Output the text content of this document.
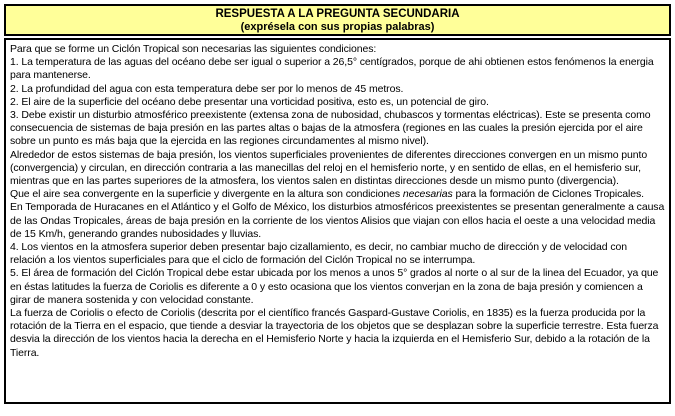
RESPUESTA A LA PREGUNTA SECUNDARIA
(exprésela con sus propias palabras)
Para que se forme un Ciclón Tropical son necesarias las siguientes condiciones:
1. La temperatura de las aguas del océano debe ser igual o superior a 26,5° centígrados, porque de ahi obtienen estos fenómenos la energia para mantenerse.
2. La profundidad del agua con esta temperatura debe ser por lo menos de 45 metros.
2. El aire de la superficie del océano debe presentar una vorticidad positiva, esto es, un potencial de giro.
3. Debe existir un disturbio atmosférico preexistente (extensa zona de nubosidad, chubascos y tormentas eléctricas). Este se presenta como consecuencia de sistemas de baja presión en las partes altas o bajas de la atmosfera (regiones en las cuales la presión ejercida por el aire sobre un punto es más baja que la ejercida en las regiones circundamentes al mismo nivel).
Alrededor de estos sistemas de baja presión, los vientos superficiales provenientes de diferentes direcciones convergen en un mismo punto (convergencia) y circulan, en dirección contraria a las manecillas del reloj en el hemisferio norte, y en sentido de ellas, en el hemisferio sur, mientras que en las partes superiores de la atmosfera, los vientos salen en distintas direcciones desde un mismo punto (divergencia).
Que el aire sea convergente en la superficie y divergente en la altura son condiciones necesarias para la formación de Ciclones Tropicales.
En Temporada de Huracanes en el Atlántico y el Golfo de México, los disturbios atmosféricos preexistentes se presentan generalmente a causa de las Ondas Tropicales, áreas de baja presión en la corriente de los vientos Alisios que viajan con ellos hacia el oeste a una velocidad media de 15 Km/h, generando grandes nubosidades y lluvias.
4. Los vientos en la atmosfera superior deben presentar bajo cizallamiento, es decir, no cambiar mucho de dirección y de velocidad con relación a los vientos superficiales para que el ciclo de formación del Ciclón Tropical no se interrumpa.
5. El área de formación del Ciclón Tropical debe estar ubicada por los menos a unos 5° grados al norte o al sur de la linea del Ecuador, ya que en éstas latitudes la fuerza de Coriolis es diferente a 0 y esto ocasiona que los vientos converjan en la zona de baja presión y comiencen a girar de manera sostenida y con velocidad constante.
La fuerza de Coriolis o efecto de Coriolis (descrita por el científico francés Gaspard-Gustave Coriolis, en 1835) es la fuerza producida por la rotación de la Tierra en el espacio, que tiende a desviar la trayectoria de los objetos que se desplazan sobre la superficie terrestre. Esta fuerza desvia la dirección de los vientos hacia la derecha en el Hemisferio Norte y hacia la izquierda en el Hemisferio Sur, debido a la rotación de la Tierra.
